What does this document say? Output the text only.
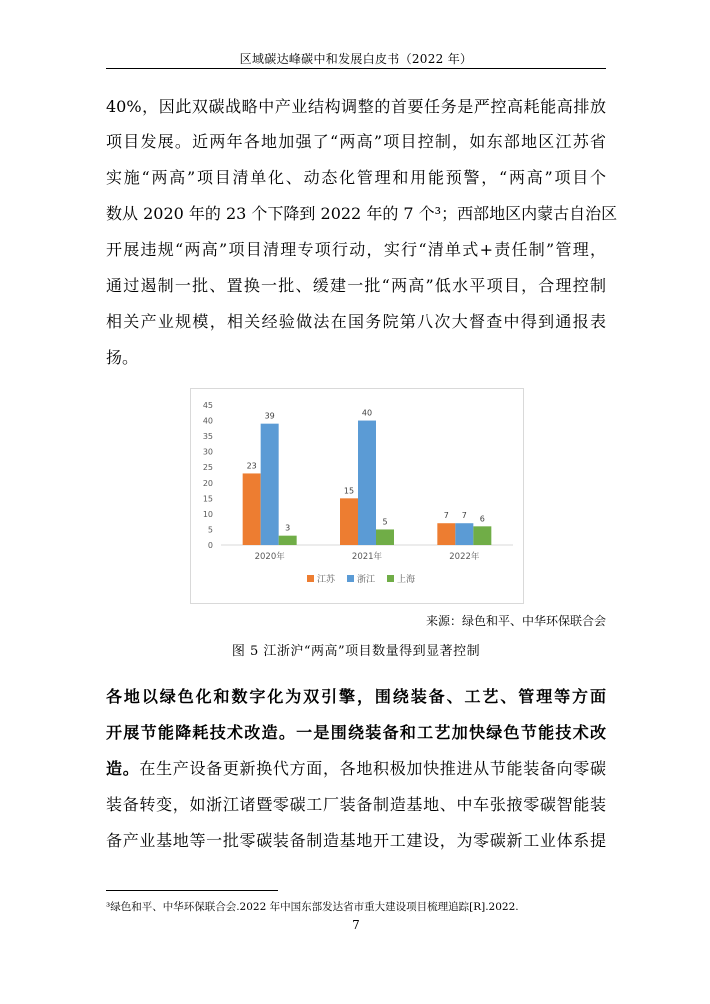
区域碳达峰碳中和发展白皮书（2022 年）
40%，因此双碳战略中产业结构调整的首要任务是严控高耗能高排放
项目发展。近两年各地加强了“两高”项目控制，如东部地区江苏省
实施“两高”项目清单化、动态化管理和用能预警，“两高”项目个
数从 2020 年的 23 个下降到 2022 年的 7 个³；西部地区内蒙古自治区
开展违规“两高”项目清理专项行动，实行“清单式+责任制”管理，
通过遏制一批、置换一批、缓建一批“两高”低水平项目，合理控制
相关产业规模，相关经验做法在国务院第八次大督查中得到通报表
扬。
0
5
10
15
20
25
30
35
40
45
23
39
3
2020年
15
40
5
2021年
7 7 6
2022年
江苏 浙江 上海
来源：绿色和平、中华环保联合会
图 5 江浙沪“两高”项目数量得到显著控制
各地以绿色化和数字化为双引擎，围绕装备、工艺、管理等方面
开展节能降耗技术改造。一是围绕装备和工艺加快绿色节能技术改
造。在生产设备更新换代方面，各地积极加快推进从节能装备向零碳
装备转变，如浙江诸暨零碳工厂装备制造基地、中车张掖零碳智能装
备产业基地等一批零碳装备制造基地开工建设，为零碳新工业体系提
³绿色和平、中华环保联合会.2022 年中国东部发达省市重大建设项目梳理追踪[R].2022.
7
